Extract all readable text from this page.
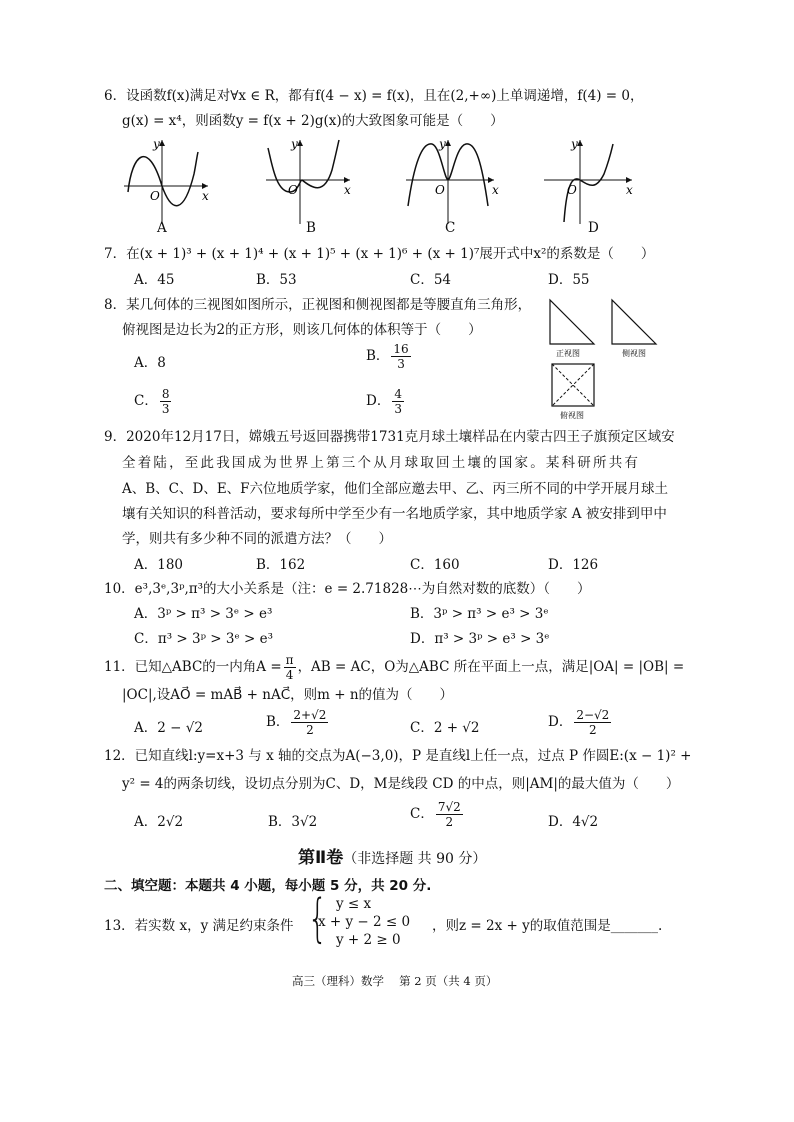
6．设函数f(x)满足对∀x ∈ R，都有f(4 − x) = f(x)，且在(2,+∞)上单调递增，f(4) = 0，
g(x) = x⁴，则函数y = f(x + 2)g(x)的大致图象可能是（　　）
y
O	x
y
O	x
y
O	x
y
O	x
A	B	C	D
7．在(x + 1)³ + (x + 1)⁴ + (x + 1)⁵ + (x + 1)⁶ + (x + 1)⁷展开式中x²的系数是（　　）
A．45	B．53	C．54	D．55
8．某几何体的三视图如图所示，正视图和侧视图都是等腰直角三角形，
俯视图是边长为2的正方形，则该几何体的体积等于（　　）
A．8	B． $\frac{16}{3}$
C． $\frac{8}{3}$	D． $\frac{4}{3}$
正视图	侧视图
俯视图
9．2020年12月17日，嫦娥五号返回器携带1731克月球土壤样品在内蒙古四王子旗预定区域安
全着陆，至此我国成为世界上第三个从月球取回土壤的国家。某科研所共有
A、B、C、D、E、F六位地质学家，他们全部应邀去甲、乙、丙三所不同的中学开展月球土
壤有关知识的科普活动，要求每所中学至少有一名地质学家，其中地质学家 A 被安排到甲中
学，则共有多少种不同的派遣方法？（　　）
A．180	B．162	C．160	D．126
10．e³,3ᵉ,3ᵖ,π³的大小关系是（注：e = 2.71828⋯为自然对数的底数）（　　）
A．3ᵖ > π³ > 3ᵉ > e³	B．3ᵖ > π³ > e³ > 3ᵉ
C．π³ > 3ᵖ > 3ᵉ > e³	D．π³ > 3ᵖ > e³ > 3ᵉ
11．已知△ABC的一内角$A = \frac{\pi}{4}$ ，AB = AC，O为△ABC 所在平面上一点，满足|OA| = |OB| =
|OC|,设AO⃗ = mAB⃗ + nAC⃗，则m + n的值为（　　）
A．2 − √2	B． $\frac{2+√2}{2}$	C．2 + √2	D． $\frac{2-√2}{2}$
12．已知直线l:y=x+3 与 x 轴的交点为A(−3,0)，P 是直线l上任一点，过点 P 作圆E:(x − 1)² +
y² = 4的两条切线，设切点分别为C、D，M是线段 CD 的中点，则|AM|的最大值为（　　）
A．2√2	B．3√2	C． $\frac{7√2}{2}$	D．4√2
第Ⅱ卷（非选择题 共 90 分）
二、填空题：本题共 4 小题，每小题 5 分，共 20 分.
13．若实数 x，y 满足约束条件 { y ≤ x
x + y − 2 ≤ 0
y + 2 ≥ 0
，则z = 2x + y的取值范围是_______.
高三（理科）数学　 第 2 页（共 4 页）
